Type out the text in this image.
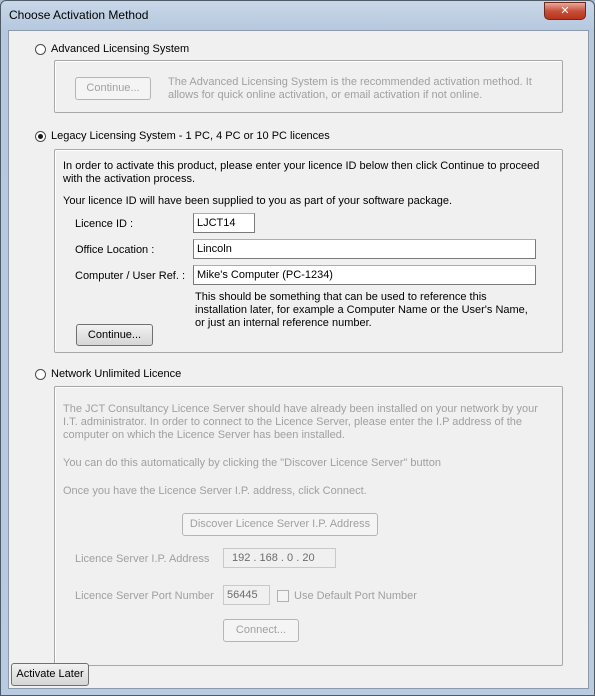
Choose Activation Method	✕
Advanced Licensing System
Continue...	The Advanced Licensing System is the recommended activation method. It allows for quick online activation, or email activation if not online.
Legacy Licensing System - 1 PC, 4 PC or 10 PC licences
In order to activate this product, please enter your licence ID below then click Continue to proceed with the activation process.
Your licence ID will have been supplied to you as part of your software package.
Licence ID :	LJCT14
Office Location :	Lincoln
Computer / User Ref. :	Mike's Computer (PC-1234)
This should be something that can be used to reference this installation later, for example a Computer Name or the User's Name, or just an internal reference number.
Continue...
Network Unlimited Licence
The JCT Consultancy Licence Server should have already been installed on your network by your I.T. administrator. In order to connect to the Licence Server, please enter the I.P address of the computer on which the Licence Server has been installed.
You can do this automatically by clicking the "Discover Licence Server" button
Once you have the Licence Server I.P. address, click Connect.
Discover Licence Server I.P. Address
Licence Server I.P. Address	192 . 168 . 0 . 20
Licence Server Port Number	56445	Use Default Port Number
Connect...
Activate Later
